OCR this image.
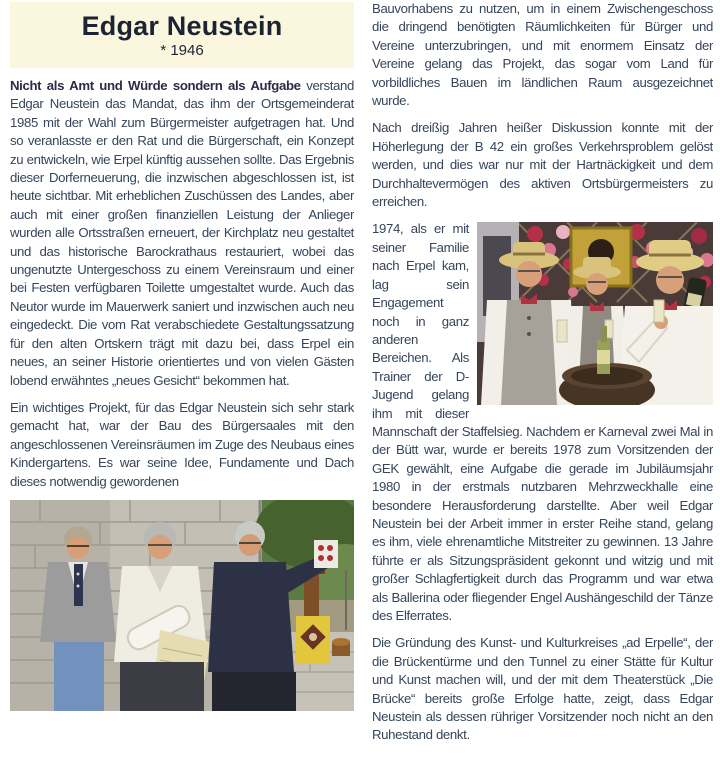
Edgar Neustein
* 1946

Nicht als Amt und Würde sondern als Aufgabe verstand Edgar Neustein das Mandat, das ihm der Ortsgemeinderat 1985 mit der Wahl zum Bürgermeister aufgetragen hat. Und so veranlasste er den Rat und die Bürgerschaft, ein Konzept zu entwickeln, wie Erpel künftig aussehen sollte. Das Ergebnis dieser Dorferneuerung, die inzwischen abgeschlossen ist, ist heute sichtbar. Mit erheblichen Zuschüssen des Landes, aber auch mit einer großen finanziellen Leistung der Anlieger wurden alle Ortsstraßen erneuert, der Kirchplatz neu gestaltet und das historische Barockrathaus restauriert, wobei das ungenutzte Untergeschoss zu einem Vereinsraum und einer bei Festen verfügbaren Toilette umgestaltet wurde. Auch das Neutor wurde im Mauerwerk saniert und inzwischen auch neu eingedeckt. Die vom Rat verabschiedete Gestaltungssatzung für den alten Ortskern trägt mit dazu bei, dass Erpel ein neues, an seiner Historie orientiertes und von vielen Gästen lobend erwähntes „neues Gesicht“ bekommen hat.

Ein wichtiges Projekt, für das Edgar Neustein sich sehr stark gemacht hat, war der Bau des Bürgersaales mit den angeschlossenen Vereinsräumen im Zuge des Neubaus eines Kindergartens. Es war seine Idee, Fundamente und Dach dieses notwendig gewordenen

Bauvorhabens zu nutzen, um in einem Zwischengeschoss die dringend benötigten Räumlichkeiten für Bürger und Vereine unterzubringen, und mit enormem Einsatz der Vereine gelang das Projekt, das sogar vom Land für vorbildliches Bauen im ländlichen Raum ausgezeichnet wurde.

Nach dreißig Jahren heißer Diskussion konnte mit der Höherlegung der B 42 ein großes Verkehrsproblem gelöst werden, und dies war nur mit der Hartnäckigkeit und dem Durchhaltevermögen des aktiven Ortsbürgermeisters zu erreichen.

1974, als er mit seiner Familie nach Erpel kam, lag sein Engagement noch in ganz anderen Bereichen. Als Trainer der D-Jugend gelang ihm mit dieser Mannschaft der Staffelsieg. Nachdem er Karneval zwei Mal in der Bütt war, wurde er bereits 1978 zum Vorsitzenden der GEK gewählt, eine Aufgabe die gerade im Jubiläumsjahr 1980 in der erstmals nutzbaren Mehrzweckhalle eine besondere Herausforderung darstellte. Aber weil Edgar Neustein bei der Arbeit immer in erster Reihe stand, gelang es ihm, viele ehrenamtliche Mitstreiter zu gewinnen. 13 Jahre führte er als Sitzungspräsident gekonnt und witzig und mit großer Schlagfertigkeit durch das Programm und war etwa als Ballerina oder fliegender Engel Aushängeschild der Tänze des Elferrates.

Die Gründung des Kunst- und Kulturkreises „ad Erpelle“, der die Brückentürme und den Tunnel zu einer Stätte für Kultur und Kunst machen will, und der mit dem Theaterstück „Die Brücke“ bereits große Erfolge hatte, zeigt, dass Edgar Neustein als dessen rühriger Vorsitzender noch nicht an den Ruhestand denkt.
